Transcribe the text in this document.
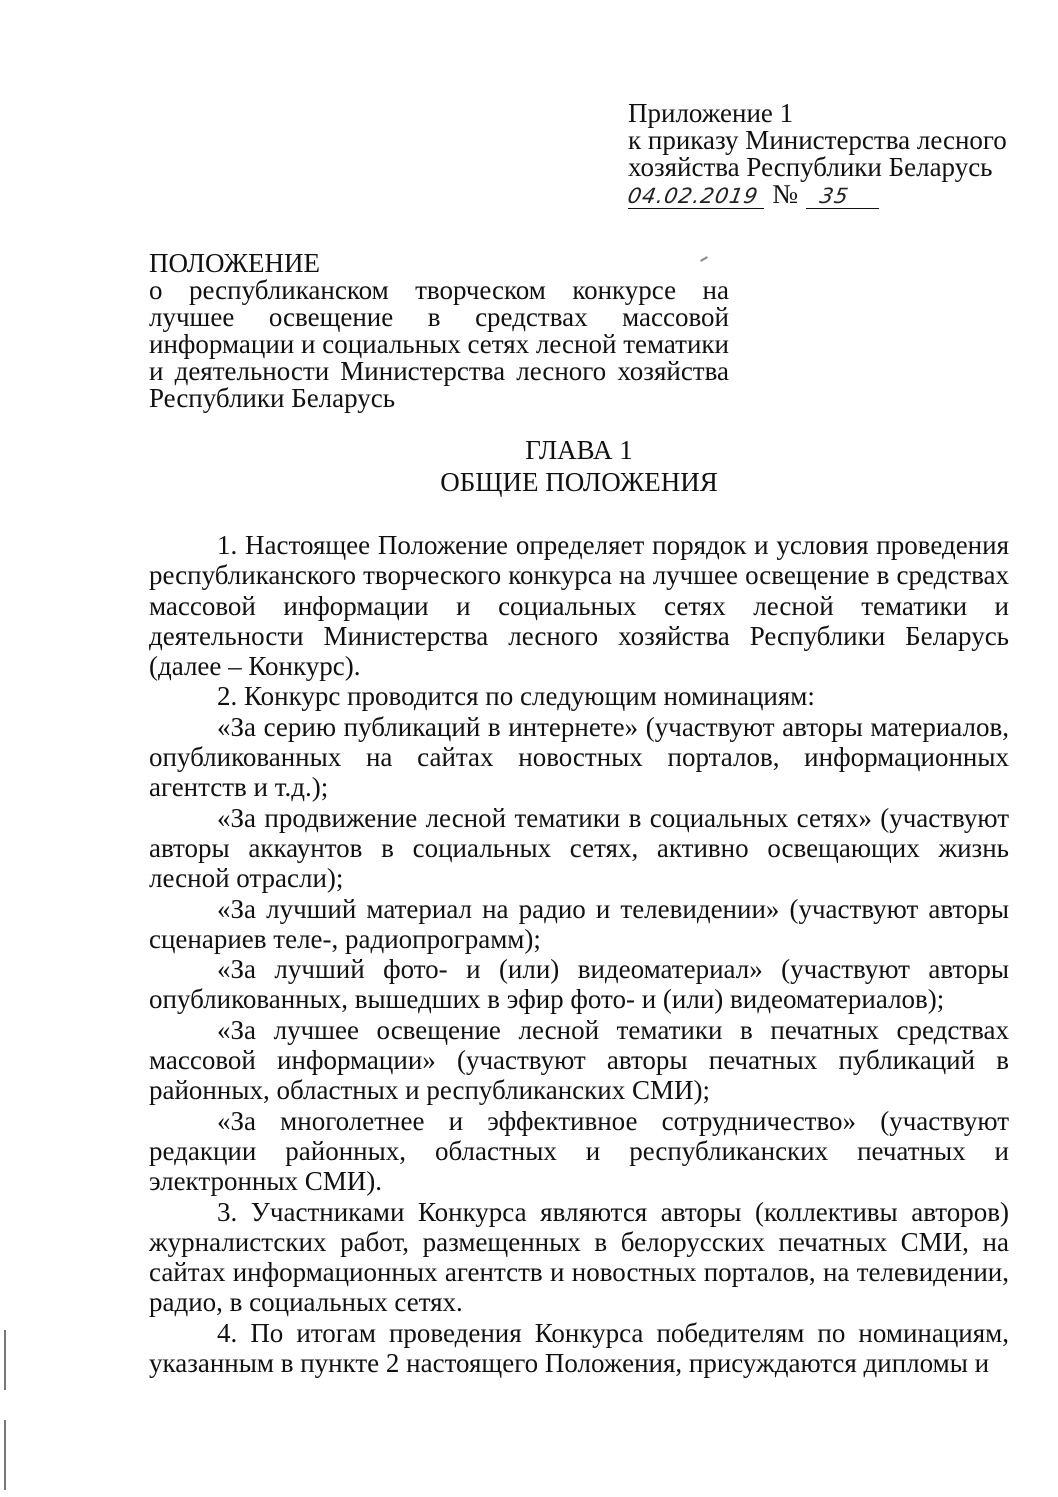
Приложение 1
к приказу Министерства лесного
хозяйства Республики Беларусь
04.02.2019 № 35
ПОЛОЖЕНИЕ
о республиканском творческом конкурсе на
лучшее освещение в средствах массовой
информации и социальных сетях лесной тематики
и деятельности Министерства лесного хозяйства
Республики Беларусь
ГЛАВА 1
ОБЩИЕ ПОЛОЖЕНИЯ

1. Настоящее Положение определяет порядок и условия проведения республиканского творческого конкурса на лучшее освещение в средствах массовой информации и социальных сетях лесной тематики и деятельности Министерства лесного хозяйства Республики Беларусь (далее – Конкурс).

2. Конкурс проводится по следующим номинациям:

«За серию публикаций в интернете» (участвуют авторы материалов, опубликованных на сайтах новостных порталов, информационных агентств и т.д.);

«За продвижение лесной тематики в социальных сетях» (участвуют авторы аккаунтов в социальных сетях, активно освещающих жизнь лесной отрасли);

«За лучший материал на радио и телевидении» (участвуют авторы сценариев теле-, радиопрограмм);

«За лучший фото- и (или) видеоматериал» (участвуют авторы опубликованных, вышедших в эфир фото- и (или) видеоматериалов);

«За лучшее освещение лесной тематики в печатных средствах массовой информации» (участвуют авторы печатных публикаций в районных, областных и республиканских СМИ);

«За многолетнее и эффективное сотрудничество» (участвуют редакции районных, областных и республиканских печатных и электронных СМИ).

3. Участниками Конкурса являются авторы (коллективы авторов) журналистских работ, размещенных в белорусских печатных СМИ, на сайтах информационных агентств и новостных порталов, на телевидении, радио, в социальных сетях.

4. По итогам проведения Конкурса победителям по номинациям, указанным в пункте 2 настоящего Положения, присуждаются дипломы и
